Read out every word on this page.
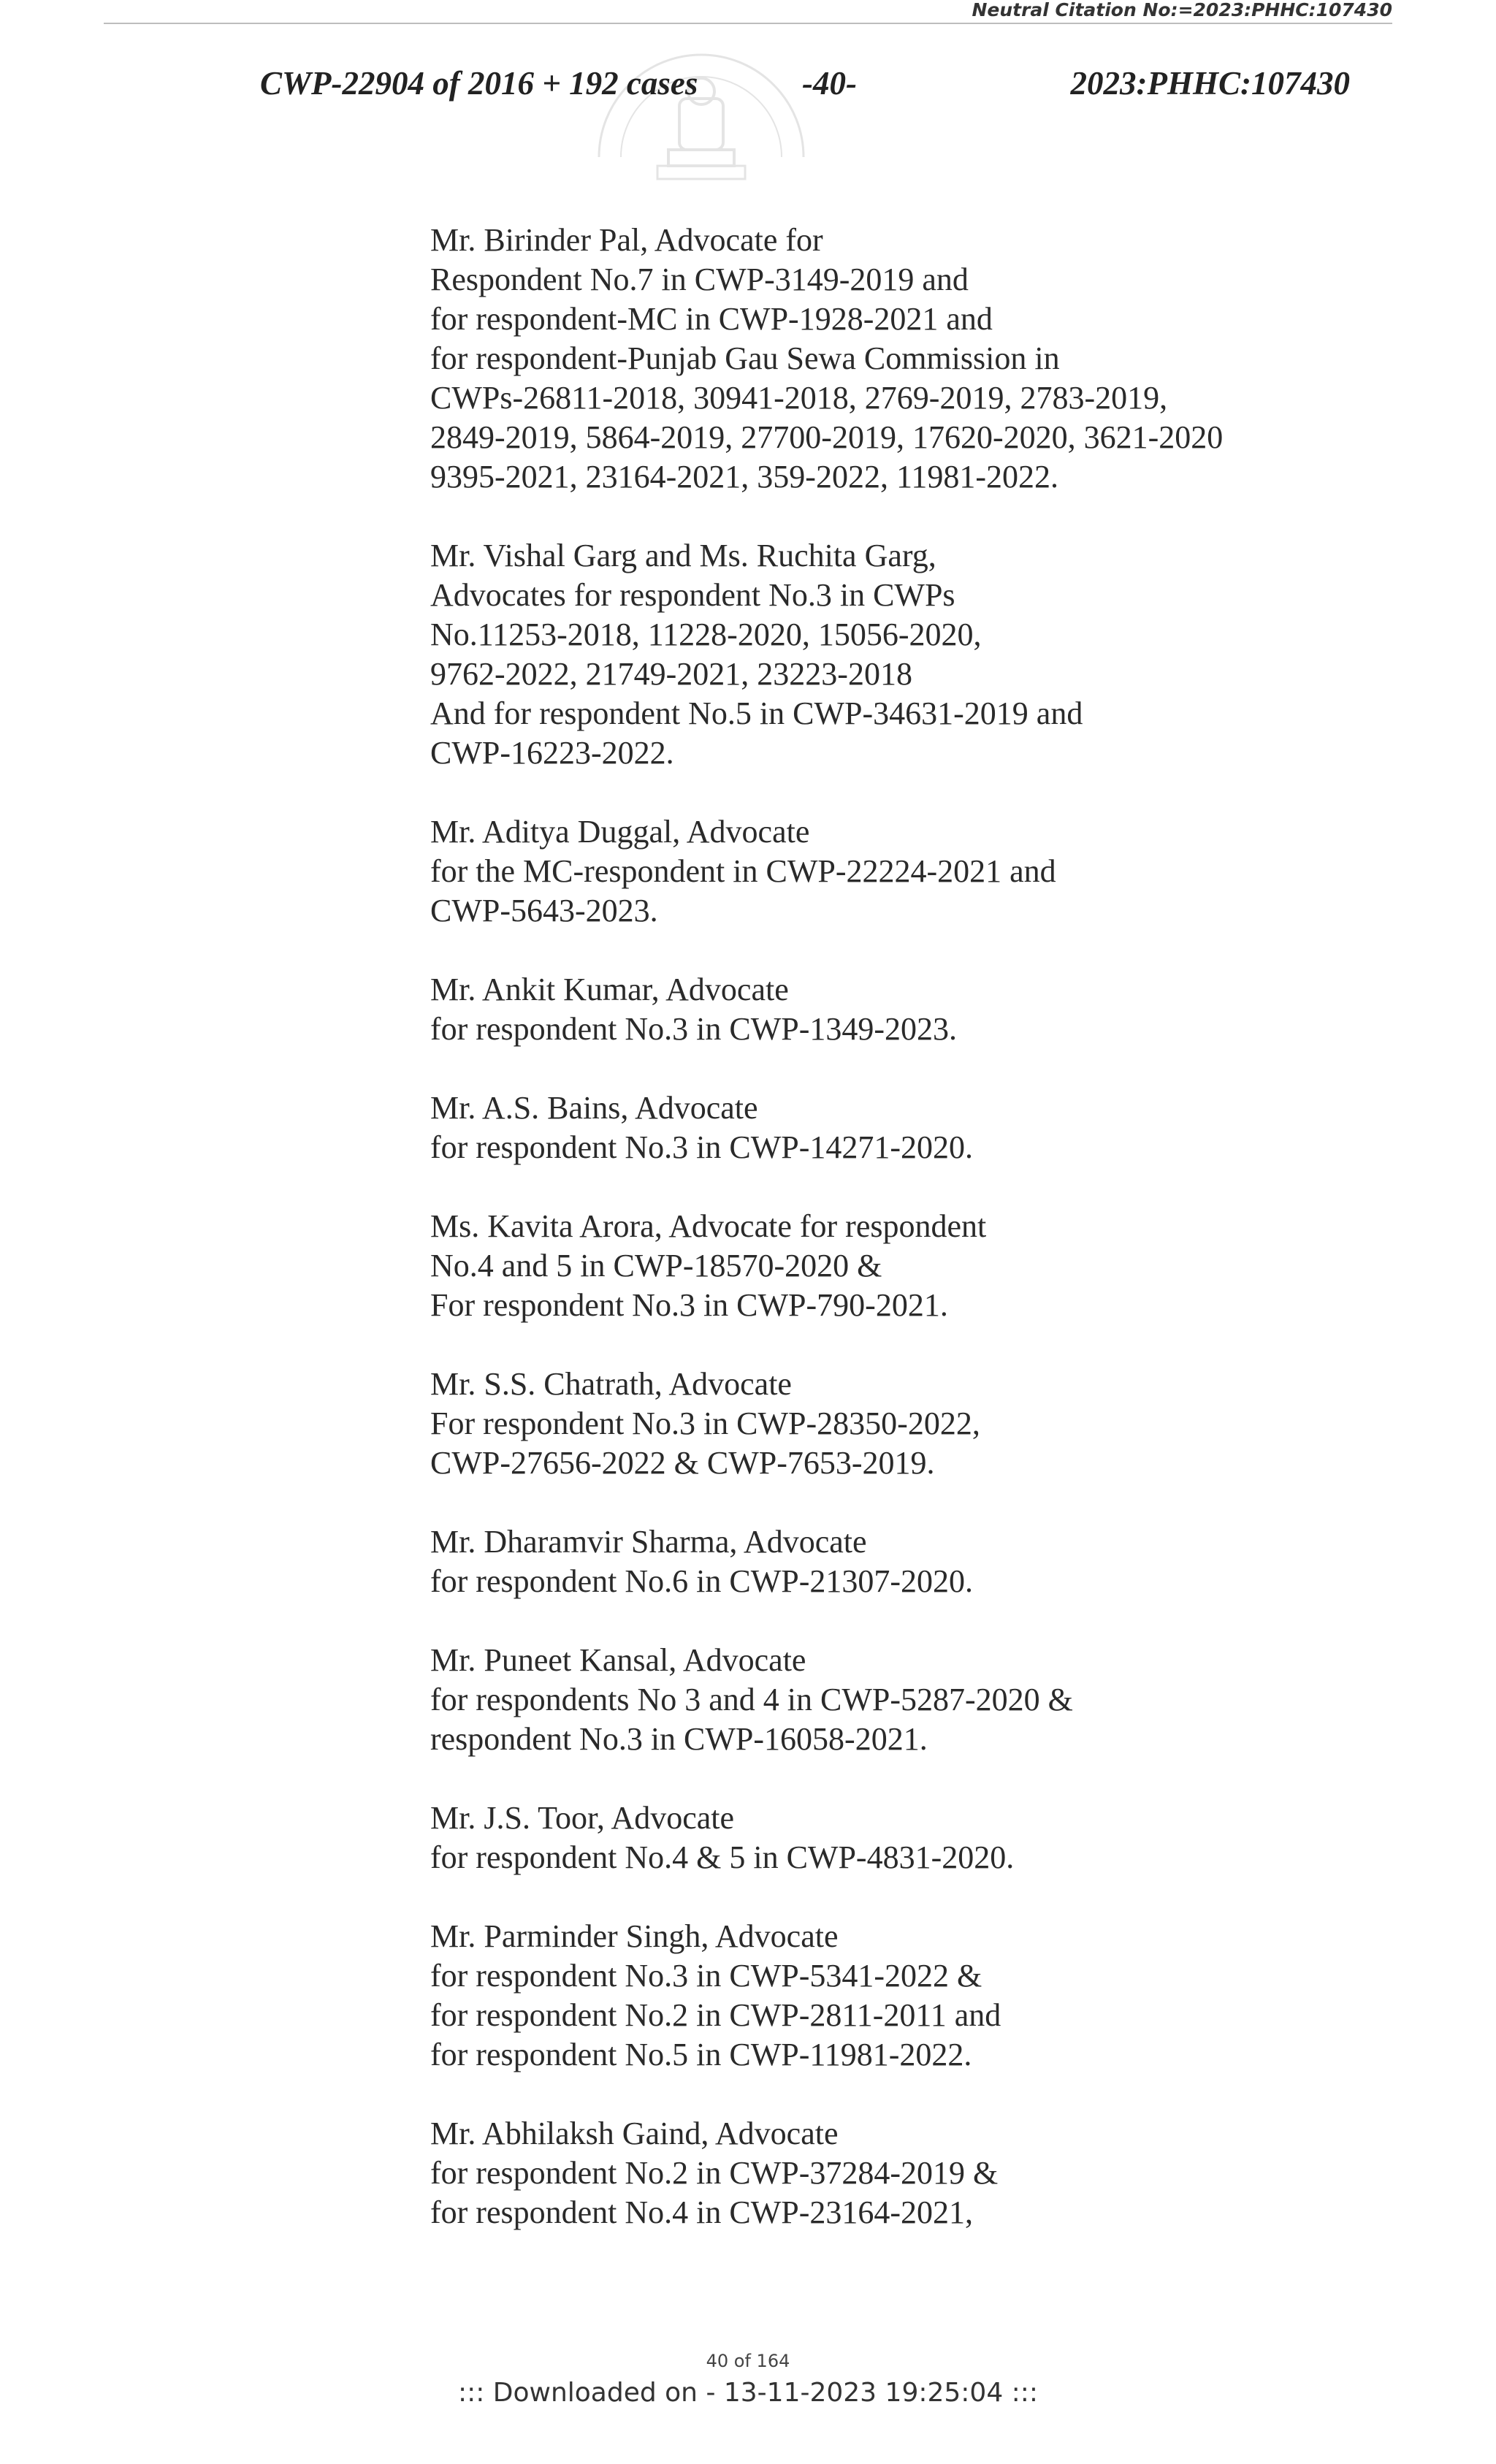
Neutral Citation No:=2023:PHHC:107430
CWP-22904 of 2016 + 192 cases	-40-	2023:PHHC:107430
Mr. Birinder Pal, Advocate for
Respondent No.7 in CWP-3149-2019 and
for respondent-MC in CWP-1928-2021 and
for respondent-Punjab Gau Sewa Commission in
CWPs-26811-2018, 30941-2018, 2769-2019, 2783-2019,
2849-2019, 5864-2019, 27700-2019, 17620-2020, 3621-2020
9395-2021, 23164-2021, 359-2022, 11981-2022.
Mr. Vishal Garg and Ms. Ruchita Garg,
Advocates for respondent No.3 in CWPs
No.11253-2018, 11228-2020, 15056-2020,
9762-2022, 21749-2021, 23223-2018
And for respondent No.5 in CWP-34631-2019 and
CWP-16223-2022.
Mr. Aditya Duggal, Advocate
for the MC-respondent in CWP-22224-2021 and
CWP-5643-2023.
Mr. Ankit Kumar, Advocate
for respondent No.3 in CWP-1349-2023.
Mr. A.S. Bains, Advocate
for respondent No.3 in CWP-14271-2020.
Ms. Kavita Arora, Advocate for respondent
No.4 and 5 in CWP-18570-2020 &
For respondent No.3 in CWP-790-2021.
Mr. S.S. Chatrath, Advocate
For respondent No.3 in CWP-28350-2022,
CWP-27656-2022 & CWP-7653-2019.
Mr. Dharamvir Sharma, Advocate
for respondent No.6 in CWP-21307-2020.
Mr. Puneet Kansal, Advocate
for respondents No 3 and 4 in CWP-5287-2020 &
respondent No.3 in CWP-16058-2021.
Mr. J.S. Toor, Advocate
for respondent No.4 & 5 in CWP-4831-2020.
Mr. Parminder Singh, Advocate
for respondent No.3 in CWP-5341-2022 &
for respondent No.2 in CWP-2811-2011 and
for respondent No.5 in CWP-11981-2022.
Mr. Abhilaksh Gaind, Advocate
for respondent No.2 in CWP-37284-2019 &
for respondent No.4 in CWP-23164-2021,
40 of 164
::: Downloaded on - 13-11-2023 19:25:04 :::
